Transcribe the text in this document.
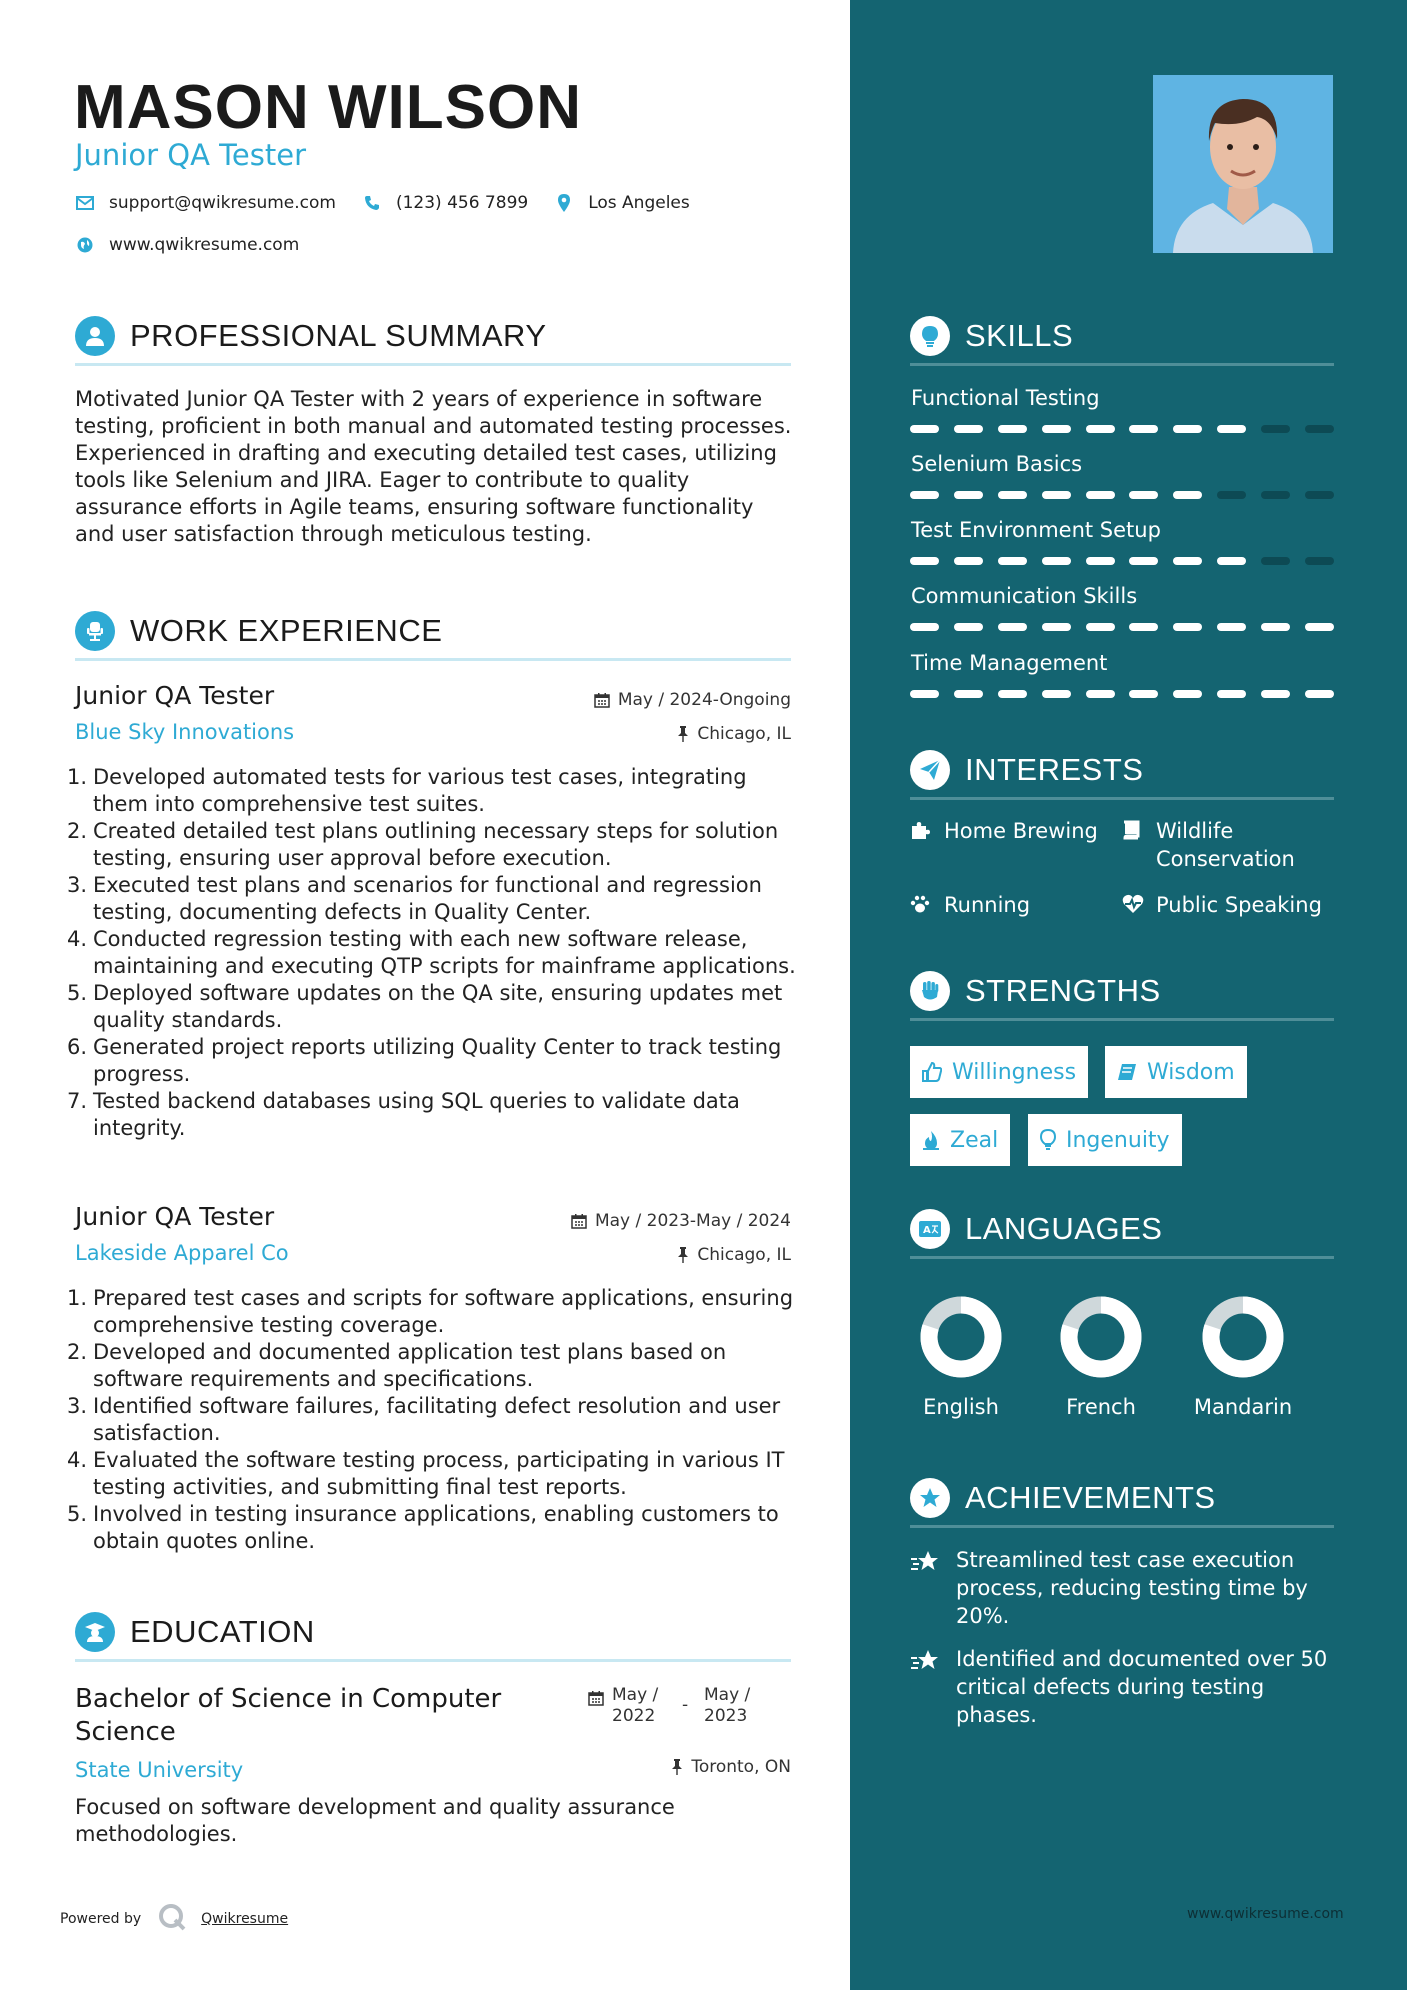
MASON WILSON
Junior QA Tester
support@qwikresume.com	(123) 456 7899	Los Angeles
www.qwikresume.com
PROFESSIONAL SUMMARY
Motivated Junior QA Tester with 2 years of experience in software testing, proficient in both manual and automated testing processes. Experienced in drafting and executing detailed test cases, utilizing tools like Selenium and JIRA. Eager to contribute to quality assurance efforts in Agile teams, ensuring software functionality and user satisfaction through meticulous testing.
WORK EXPERIENCE
Junior QA Tester	May / 2024-Ongoing
Blue Sky Innovations	Chicago, IL
Developed automated tests for various test cases, integrating them into comprehensive test suites.
Created detailed test plans outlining necessary steps for solution testing, ensuring user approval before execution.
Executed test plans and scenarios for functional and regression testing, documenting defects in Quality Center.
Conducted regression testing with each new software release, maintaining and executing QTP scripts for mainframe applications.
Deployed software updates on the QA site, ensuring updates met quality standards.
Generated project reports utilizing Quality Center to track testing progress.
Tested backend databases using SQL queries to validate data integrity.
Junior QA Tester	May / 2023-May / 2024
Lakeside Apparel Co	Chicago, IL
Prepared test cases and scripts for software applications, ensuring comprehensive testing coverage.
Developed and documented application test plans based on software requirements and specifications.
Identified software failures, facilitating defect resolution and user satisfaction.
Evaluated the software testing process, participating in various IT testing activities, and submitting final test reports.
Involved in testing insurance applications, enabling customers to obtain quotes online.
EDUCATION
Bachelor of Science in Computer Science
May / 2022
- May / 2023
State University	Toronto, ON
Focused on software development and quality assurance methodologies.
Powered by	Qwikresume
SKILLS
Functional Testing
Selenium Basics
Test Environment Setup
Communication Skills
Time Management
INTERESTS
Home Brewing	Wildlife Conservation
Running	Public Speaking
STRENGTHS
Willingness	Wisdom
Zeal	Ingenuity
A LANGUAGES
English	French	Mandarin
ACHIEVEMENTS
Streamlined test case execution process, reducing testing time by 20%.
Identified and documented over 50 critical defects during testing phases.
www.qwikresume.com
